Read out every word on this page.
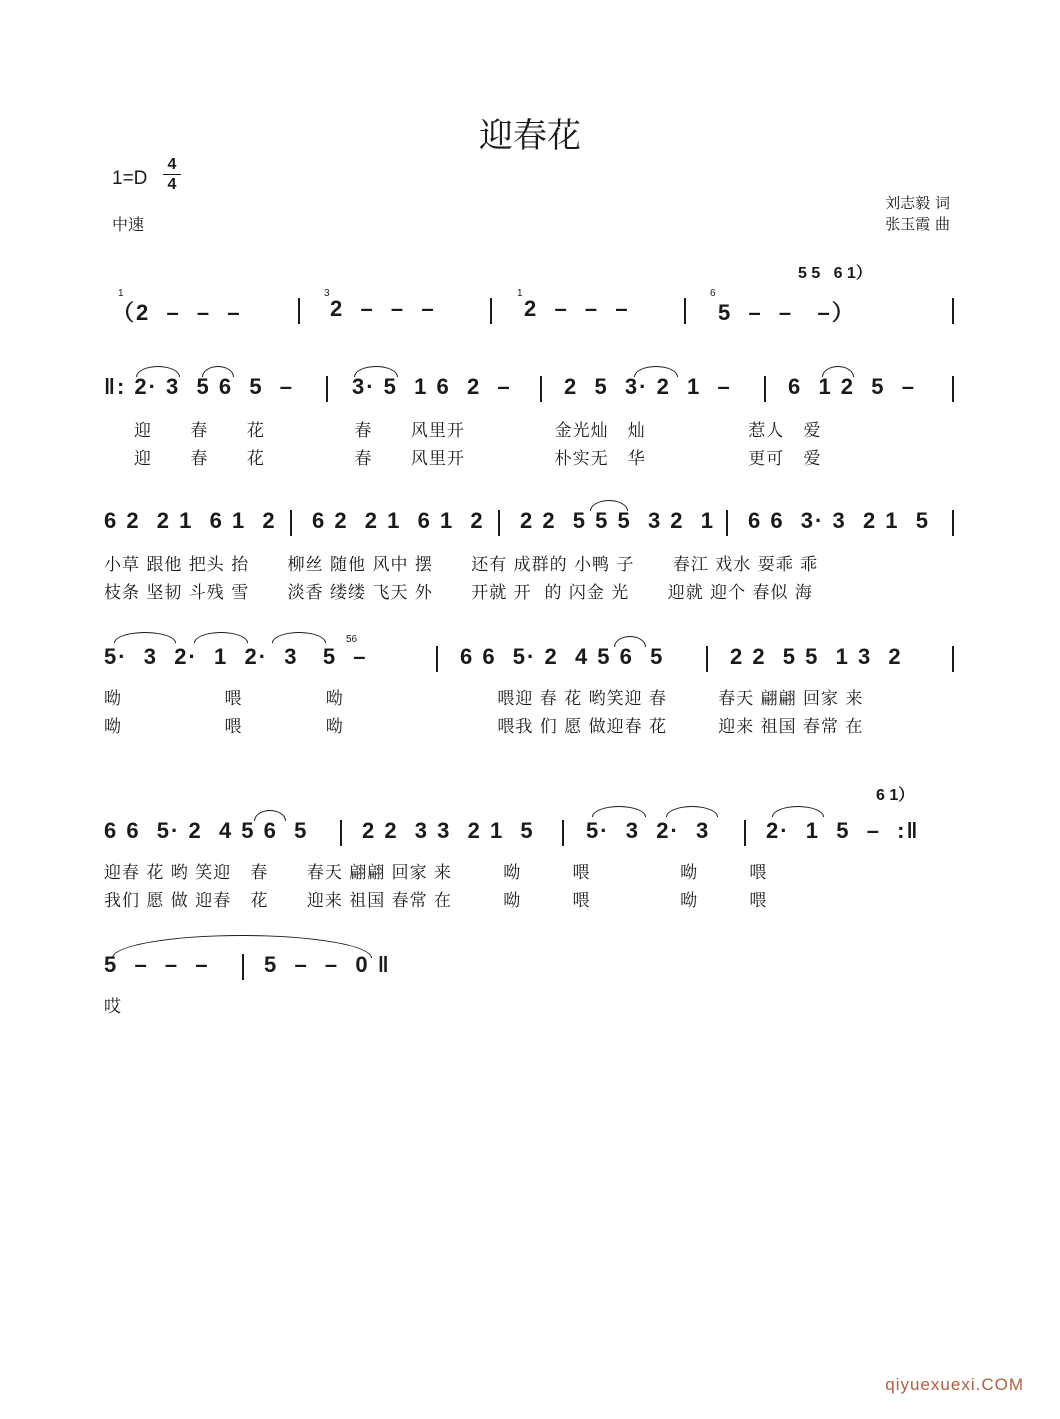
迎春花
1=D
4
4
中速
刘志毅 词
张玉霞 曲
5 5   6 1）
1
（2  –  –  –
3
2  –  –  –
1
2  –  –  –
6
5  –  –   –）
‖: 2· 3  5 6  5  –	3· 5  1 6  2  – 2  5  3· 2  1  –	6  1 2  5  –
迎      春      花              春      风里开              金光灿   灿                惹人   爱
迎      春      花              春      风里开              朴实无   华                更可   爱
6 2  2 1  6 1  2 6 2  2 1  6 1  2 2 2  5 5 5  3 2  1 6 6  3· 3  2 1  5
小草 跟他 把头 抬      柳丝 随他 风中 摆      还有 成群的 小鸭 子      春江 戏水 耍乖 乖
枝条 坚韧 斗残 雪      淡香 缕缕 飞天 外      开就 开  的 闪金 光      迎就 迎个 春似 海
56
5·  3  2·  1  2·  3   5  –	6 6  5· 2  4 5 6  5	2 2  5 5  1 3  2
呦                喂             呦                        喂迎 春 花 哟笑迎 春        春天 翩翩 回家 来
呦                喂             呦                        喂我 们 愿 做迎春 花        迎来 祖国 春常 在
6 1）
6 6  5· 2  4 5 6  5 2 2  3 3  2 1  5 5·  3  2·  3	2·  1  5  –  :‖
迎春 花 哟 笑迎   春      春天 翩翩 回家 来        呦        喂              呦        喂
我们 愿 做 迎春   花      迎来 祖国 春常 在        呦        喂              呦        喂
5  –  –  – 5  –  –  0 ‖
哎
qiyuexuexi.COM
